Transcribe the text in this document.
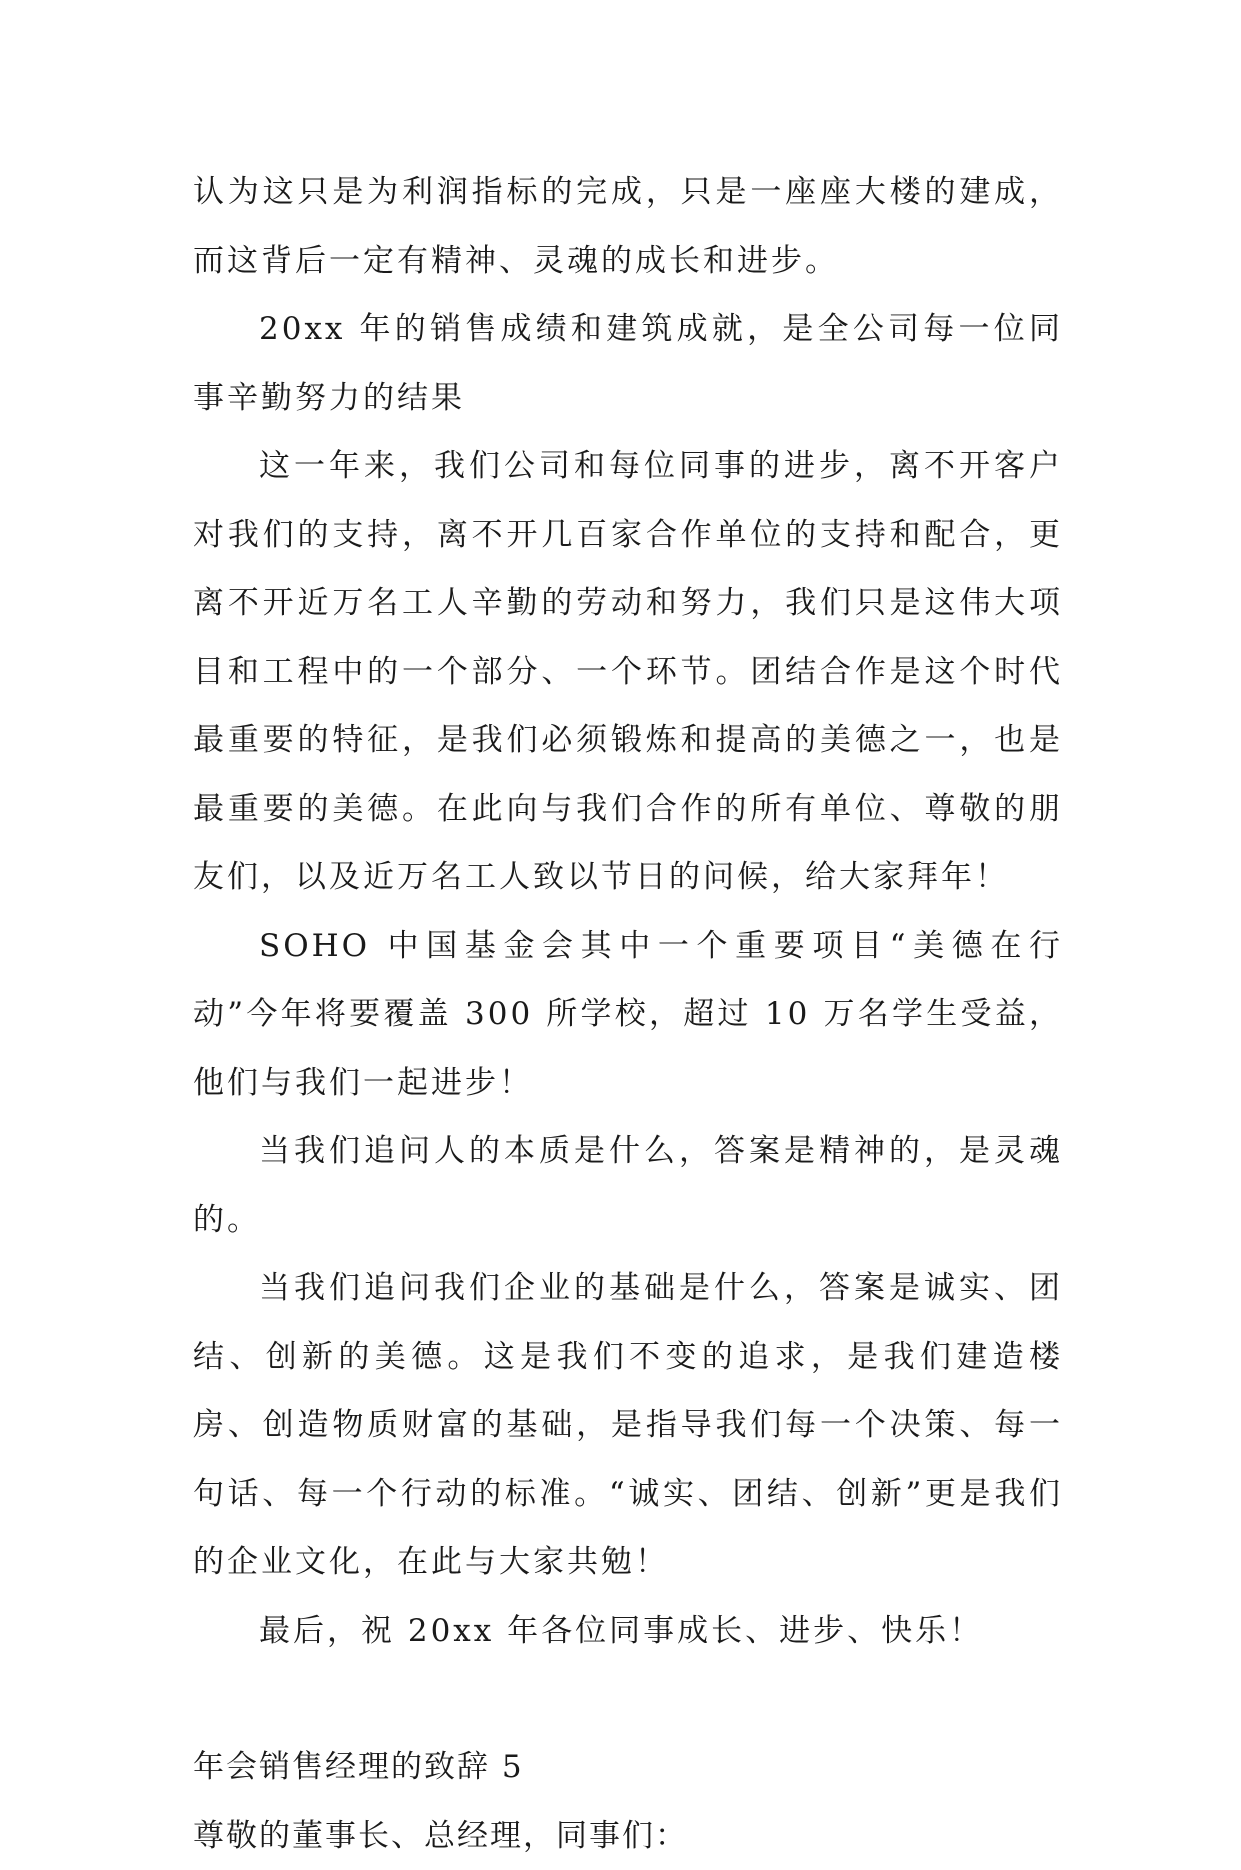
认为这只是为利润指标的完成，只是一座座大楼的建成，而这背后一定有精神、灵魂的成长和进步。

20xx 年的销售成绩和建筑成就，是全公司每一位同事辛勤努力的结果

这一年来，我们公司和每位同事的进步，离不开客户对我们的支持，离不开几百家合作单位的支持和配合，更离不开近万名工人辛勤的劳动和努力，我们只是这伟大项目和工程中的一个部分、一个环节。团结合作是这个时代最重要的特征，是我们必须锻炼和提高的美德之一，也是最重要的美德。在此向与我们合作的所有单位、尊敬的朋友们，以及近万名工人致以节日的问候，给大家拜年！

SOHO 中国基金会其中一个重要项目“美德在行动”今年将要覆盖 300 所学校，超过 10 万名学生受益，他们与我们一起进步！

当我们追问人的本质是什么，答案是精神的，是灵魂的。

当我们追问我们企业的基础是什么，答案是诚实、团结、创新的美德。这是我们不变的追求，是我们建造楼房、创造物质财富的基础，是指导我们每一个决策、每一句话、每一个行动的标准。“诚实、团结、创新”更是我们的企业文化，在此与大家共勉！

最后，祝 20xx 年各位同事成长、进步、快乐！

年会销售经理的致辞 5

尊敬的董事长、总经理，同事们：
